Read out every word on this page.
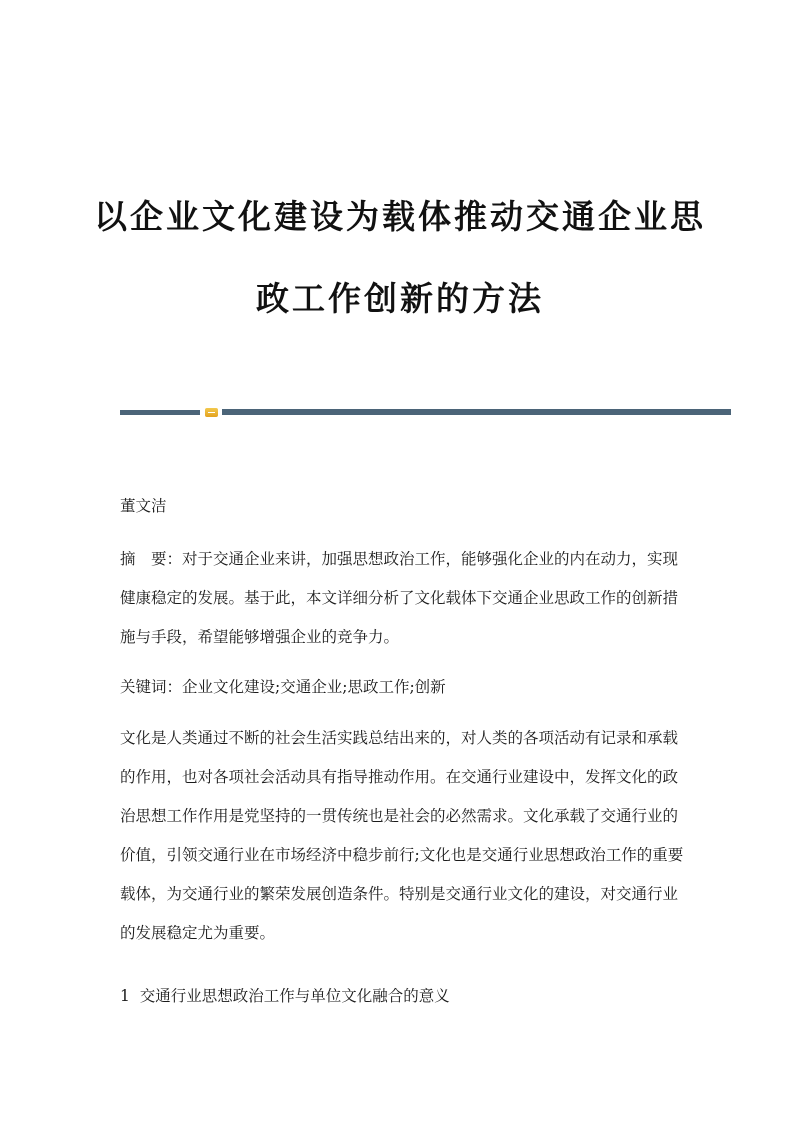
以企业文化建设为载体推动交通企业思
政工作创新的方法
董文洁
摘　要：对于交通企业来讲，加强思想政治工作，能够强化企业的内在动力，实现健康稳定的发展。基于此，本文详细分析了文化载体下交通企业思政工作的创新措施与手段，希望能够增强企业的竞争力。
关键词：企业文化建设;交通企业;思政工作;创新
文化是人类通过不断的社会生活实践总结出来的，对人类的各项活动有记录和承载的作用，也对各项社会活动具有指导推动作用。在交通行业建设中，发挥文化的政治思想工作作用是党坚持的一贯传统也是社会的必然需求。文化承载了交通行业的价值，引领交通行业在市场经济中稳步前行;文化也是交通行业思想政治工作的重要载体，为交通行业的繁荣发展创造条件。特别是交通行业文化的建设，对交通行业的发展稳定尤为重要。
1  交通行业思想政治工作与单位文化融合的意义
